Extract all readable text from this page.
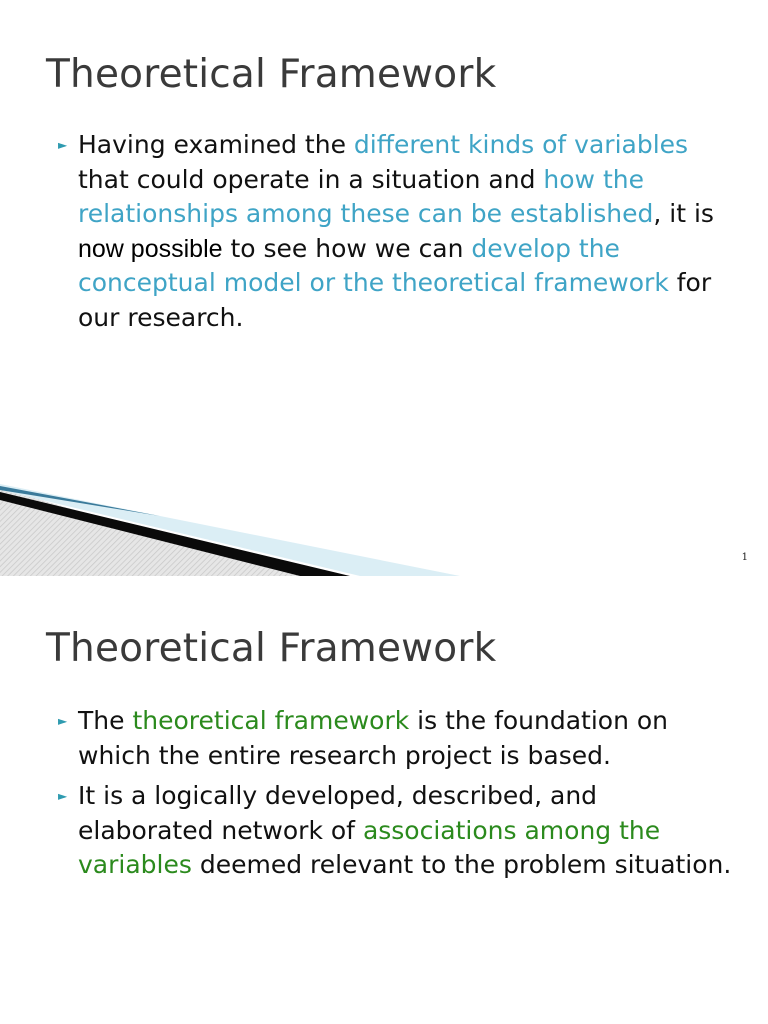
Theoretical Framework
► Having examined the different kinds of variables that could operate in a situation and how the relationships among these can be established, it is now possible to see how we can develop the conceptual model or the theoretical framework for our research.
1
Theoretical Framework
► The theoretical framework is the foundation on which the entire research project is based.
► It is a logically developed, described, and elaborated network of associations among the variables deemed relevant to the problem situation.
